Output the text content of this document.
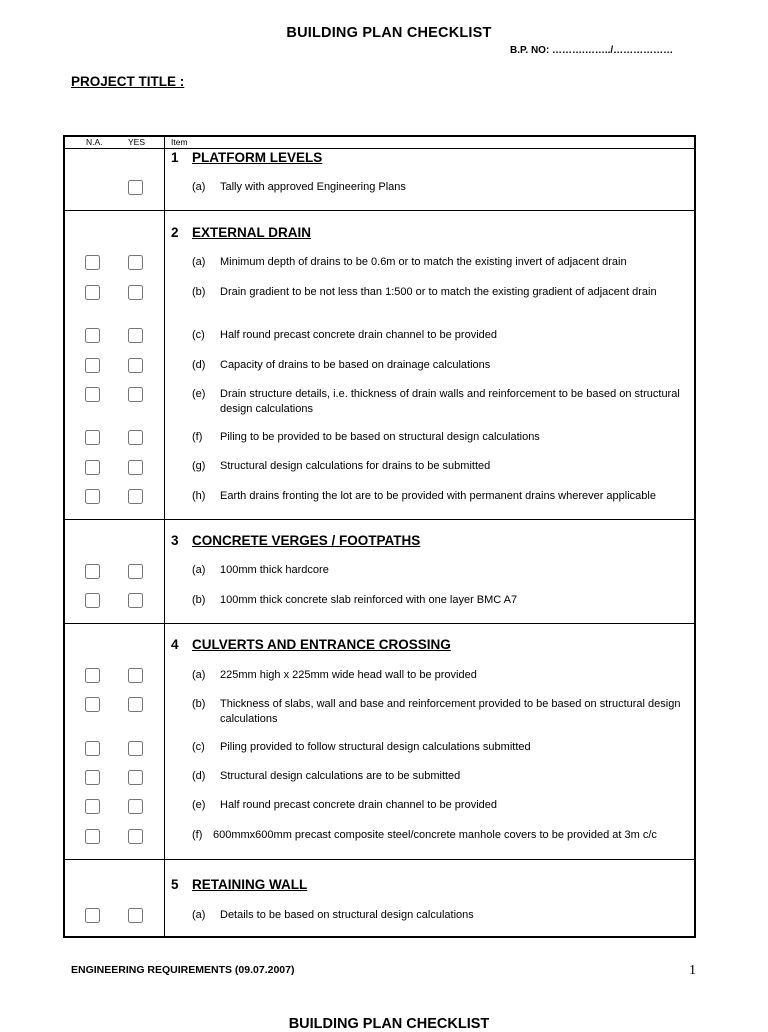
BUILDING PLAN CHECKLIST
B.P. NO: ……….……../………………
PROJECT TITLE :
N.A.	YES	Item
1 PLATFORM LEVELS
(a) Tally with approved Engineering Plans
2 EXTERNAL DRAIN
(a) Minimum depth of drains to be 0.6m or to match the existing invert of adjacent drain
(b) Drain gradient to be not less than 1:500 or to match the existing gradient of adjacent drain
(c) Half round precast concrete drain channel to be provided
(d) Capacity of drains to be based on drainage calculations
(e) Drain structure details, i.e. thickness of drain walls and reinforcement to be based on structural design calculations
(f) Piling to be provided to be based on structural design calculations
(g) Structural design calculations for drains to be submitted
(h) Earth drains fronting the lot are to be provided with permanent drains wherever applicable
3 CONCRETE VERGES / FOOTPATHS
(a) 100mm thick hardcore
(b) 100mm thick concrete slab reinforced with one layer BMC A7
4 CULVERTS AND ENTRANCE CROSSING
(a) 225mm high x 225mm wide head wall to be provided
(b) Thickness of slabs, wall and base and reinforcement provided to be based on structural design calculations
(c) Piling provided to follow structural design calculations submitted
(d) Structural design calculations are to be submitted
(e) Half round precast concrete drain channel to be provided
(f) 600mmx600mm precast composite steel/concrete manhole covers to be provided at 3m c/c
5 RETAINING WALL
(a) Details to be based on structural design calculations
ENGINEERING REQUIREMENTS (09.07.2007)	1
BUILDING PLAN CHECKLIST
